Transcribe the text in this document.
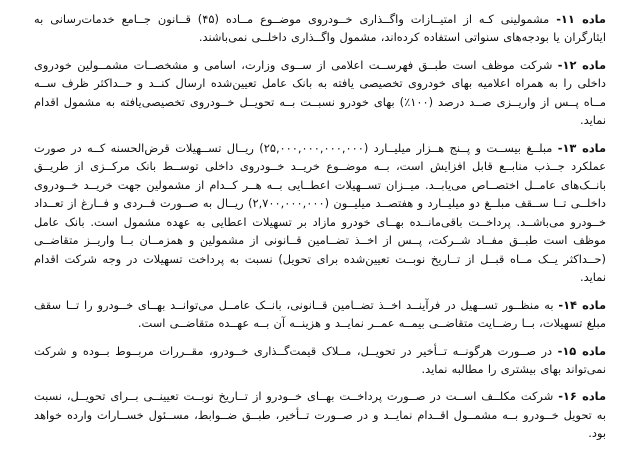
ماده ۱۱- مشمولینی کـه از امتیــازات واگــذاری خــودروی موضــوع مــاده (۴۵) قــانون جــامع خدمات‌رسانی به ایثارگران یا بودجه‌های سنواتی استفاده کرده‌اند، مشمول واگــذاری داخلــی نمی‌باشند.

ماده ۱۲- شرکت موظف است طبــق فهرســت اعلامی از ســوی وزارت، اسامی و مشخصــات مشمــولین خودروی داخلی را به همراه اعلامیه بهای خودروی تخصیصی یافته به بانک عامل تعیین‌شده ارسال کنــد و حــداکثر ظرف ســه مــاه پــس از واریــزی صــد درصد (۱۰۰٪) بهای خودرو نسبــت بــه تحویــل خــودروی تخصیصی‌یافته به مشمول اقدام نماید.

ماده ۱۳- مبلــغ بیســت و پــنج هــزار میلیــارد (۲۵,۰۰۰,۰۰۰,۰۰۰,۰۰۰) ریــال تســهیلات قرض‌الحسنه کــه در صورت عملکرد جــذب منابــع قابل افزایش است، بــه موضــوع خریــد خــودروی داخلی توســط بانک مرکــزی از طریــق بانــک‌های عامــل اختصــاص می‌یابــد. میــزان تســهیلات اعطــایی بــه هــر کــدام از مشمولین جهت خریــد خــودروی داخلــی تــا ســقف مبلــغ دو میلیــارد و هفتصــد میلیــون (۲,۷۰۰,۰۰۰,۰۰۰) ریــال به صــورت فــردی و فــارغ از تعــداد خــودرو می‌باشــد. پرداخــت باقی‌مانــده بهــای خودرو مازاد بر تسهیلات اعطایی به عهده مشمول است. بانک عامل موظف است طبــق مفــاد شــرکت، پــس از اخــذ تضــامین قــانونی از مشمولین و همزمــان بــا واریــز متقاضــی (حــداکثر یــک مــاه قبــل از تــاریخ نوبــت تعیین‌شده برای تحویل) نسبت به پرداخت تسهیلات در وجه شرکت اقدام نماید.

ماده ۱۴- به منظــور تســهیل در فرآینــد اخــذ تضــامین قــانونی، بانــک عامــل می‌توانــد بهــای خــودرو را تــا سقف مبلغ تسهیلات، بــا رضــایت متقاضــی بیمــه عمــر نمایــد و هزینــه آن بــه عهــده متقاضــی است.

ماده ۱۵- در صــورت هرگونــه تــأخیر در تحویــل، مــلاک قیمت‌گــذاری خــودرو، مقــررات مربــوط بــوده و شرکت نمی‌تواند بهای بیشتری را مطالبه نماید.

ماده ۱۶- شرکت مکلــف اســت در صــورت پرداخــت بهــای خــودرو از تــاریخ نوبــت تعیینــی بــرای تحویــل، نسبت به تحویل خــودرو بــه مشمــول اقــدام نمایــد و در صــورت تــأخیر، طبــق ضــوابط، مســئول خســارات وارده خواهد بود.
